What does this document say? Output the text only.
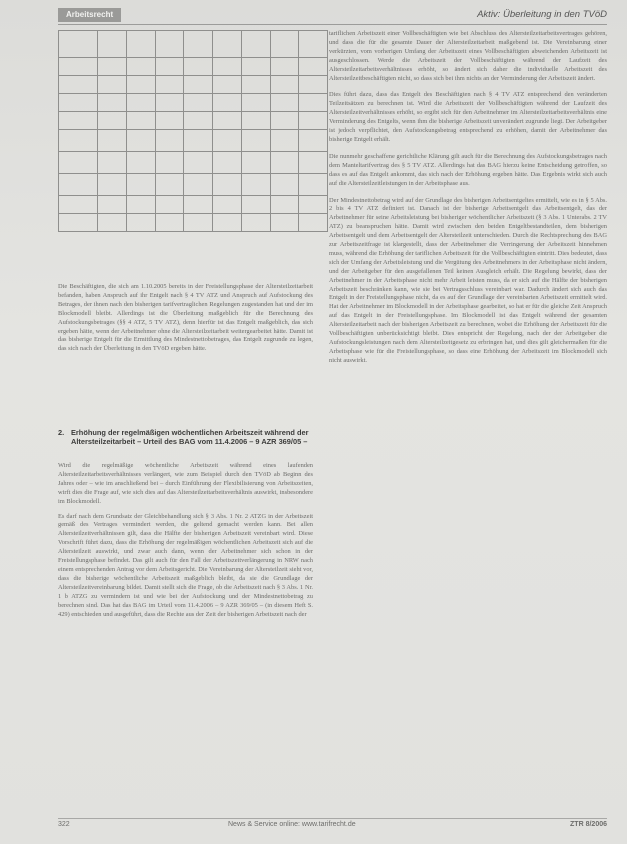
Arbeitsrecht	Aktiv: Überleitung in den TVöD

Die Beschäftigten, die sich am 1.10.2005 bereits in der Freistellungsphase der Altersteilzeitarbeit befanden, haben Anspruch auf ihr Entgelt nach § 4 TV ATZ und Anspruch auf Aufstockung des Betrages, der ihnen nach den bisherigen tarifvertraglichen Regelungen zugestanden hat und der im Blockmodell bleibt. Allerdings ist die Überleitung maßgeblich für die Berechnung des Aufstockungsbetrages (§§ 4 ATZ, 5 TV ATZ), denn hierfür ist das Entgelt maßgeblich, das sich ergeben hätte, wenn der Arbeitnehmer ohne die Altersteilzeitarbeit weitergearbeitet hätte. Damit ist das bisherige Entgelt für die Ermittlung des Mindestnettobetrages, das Entgelt zugrunde zu legen, das sich nach der Überleitung in den TVöD ergeben hätte.

2. Erhöhung der regelmäßigen wöchentlichen Arbeitszeit während der Altersteilzeitarbeit – Urteil des BAG vom 11.4.2006 – 9 AZR 369/05 –

Wird die regelmäßige wöchentliche Arbeitszeit während eines laufenden Altersteilzeitarbeitsverhältnisses verlängert, wie zum Beispiel durch den TVöD ab Beginn des Jahres oder – wie im anschließend bei – durch Einführung der Flexibilisierung von Arbeitszeiten, wirft dies die Frage auf, wie sich dies auf das Altersteilzeitarbeitsverhältnis auswirkt, insbesondere im Blockmodell.

Es darf nach dem Grundsatz der Gleichbehandlung sich § 3 Abs. 1 Nr. 2 ATZG in der Arbeitszeit gemäß des Vertrages vermindert werden, die geltend gemacht werden kann. Bei allen Altersteilzeitverhältnissen gilt, dass die Hälfte der bisherigen Arbeitszeit vereinbart wird. Diese Vorschrift führt dazu, dass die Erhöhung der regelmäßigen wöchentlichen Arbeitszeit sich auf die Altersteilzeit auswirkt, und zwar auch dann, wenn der Arbeitnehmer sich schon in der Freistellungsphase befindet. Das gilt auch für den Fall der Arbeitszeitverlängerung in NRW nach einem entsprechenden Antrag vor dem Arbeitsgericht. Die Vereinbarung der Altersteilzeit sieht vor, dass die bisherige wöchentliche Arbeitszeit maßgeblich bleibt, da sie die Grundlage der Altersteilzeitvereinbarung bildet. Damit stellt sich die Frage, ob die Arbeitszeit nach § 3 Abs. 1 Nr. 1 b ATZG zu vermindern ist und wie bei der Aufstockung und der Mindestnettobetrag zu berechnen sind. Das hat das BAG im Urteil vom 11.4.2006 – 9 AZR 369/05 – (in diesem Heft S. 429) entschieden und ausgeführt, dass die Rechte aus der Zeit der bisherigen Arbeitszeit nach der

tariflichen Arbeitszeit einer Vollbeschäftigten wie bei Abschluss des Altersteilzeitarbeitsvertrages gehören, und dass die für die gesamte Dauer der Altersteilzeitarbeit maßgebend ist. Die Vereinbarung einer verkürzten, vom vorherigen Umfang der Arbeitszeit eines Vollbeschäftigten abweichenden Arbeitszeit ist ausgeschlossen. Werde die Arbeitszeit der Vollbeschäftigten während der Laufzeit des Altersteilzeitarbeitsverhältnisses erhöht, so ändert sich daher die individuelle Arbeitszeit des Altersteilzeitbeschäftigten nicht, so dass sich bei ihm nichts an der Verminderung der Arbeitszeit ändert.

Dies führt dazu, dass das Entgelt des Beschäftigten nach § 4 TV ATZ entsprechend den veränderten Teilzeitsätzen zu berechnen ist. Wird die Arbeitszeit der Vollbeschäftigten während der Laufzeit des Altersteilzeitverhältnisses erhöht, so ergibt sich für den Arbeitnehmer im Altersteilzeitarbeitsverhältnis eine Verminderung des Entgelts, wenn ihm die bisherige Arbeitszeit unverändert zugrunde liegt. Der Arbeitgeber ist jedoch verpflichtet, den Aufstockungsbetrag entsprechend zu erhöhen, damit der Arbeitnehmer das bisherige Entgelt erhält.

Die nunmehr geschaffene gerichtliche Klärung gilt auch für die Berechnung des Aufstockungsbetrages nach dem Manteltarifvertrag des § 5 TV ATZ. Allerdings hat das BAG hierzu keine Entscheidung getroffen, so dass es auf das Entgelt ankommt, das sich nach der Erhöhung ergeben hätte. Das Ergebnis wirkt sich auch auf die Altersteilzeitleistungen in der Arbeitsphase aus.

Der Mindestnettobetrag wird auf der Grundlage des bisherigen Arbeitsentgeltes ermittelt, wie es in § 5 Abs. 2 bis 4 TV ATZ definiert ist. Danach ist der bisherige Arbeitsentgelt das Arbeitsentgelt, das der Arbeitnehmer für seine Arbeitsleistung bei bisheriger wöchentlicher Arbeitszeit (§ 3 Abs. 1 Unterabs. 2 TV ATZ) zu beanspruchen hätte. Damit wird zwischen den beiden Entgeltbestandteilen, dem bisherigen Arbeitsentgelt und dem Arbeitsentgelt der Altersteilzeit unterschieden. Durch die Rechtsprechung des BAG zur Arbeitszeitfrage ist klargestellt, dass der Arbeitnehmer die Verringerung der Arbeitszeit hinnehmen muss, während die Erhöhung der tariflichen Arbeitszeit für die Vollbeschäftigten eintritt. Dies bedeutet, dass sich der Umfang der Arbeitsleistung und die Vergütung des Arbeitnehmers in der Arbeitsphase nicht ändern, und der Arbeitgeber für den ausgefallenen Teil keinen Ausgleich erhält. Die Regelung bewirkt, dass der Arbeitnehmer in der Arbeitsphase nicht mehr Arbeit leisten muss, da er sich auf die Hälfte der bisherigen Arbeitszeit beschränken kann, wie sie bei Vertragsschluss vereinbart war. Dadurch ändert sich auch das Entgelt in der Freistellungsphase nicht, da es auf der Grundlage der vereinbarten Arbeitszeit ermittelt wird. Hat der Arbeitnehmer im Blockmodell in der Arbeitsphase gearbeitet, so hat er für die gleiche Zeit Anspruch auf das Entgelt in der Freistellungsphase. Im Blockmodell ist das Entgelt während der gesamten Altersteilzeitarbeit nach der bisherigen Arbeitszeit zu berechnen, wobei die Erhöhung der Arbeitszeit für die Vollbeschäftigten unberücksichtigt bleibt. Dies entspricht der Regelung, nach der der Arbeitgeber die Aufstockungsleistungen nach dem Altersteilzeitgesetz zu erbringen hat, und dies gilt gleichermaßen für die Arbeitsphase wie für die Freistellungsphase, so dass eine Erhöhung der Arbeitszeit im Blockmodell sich nicht auswirkt.

322	News & Service online: www.tarifrecht.de	ZTR 8/2006
